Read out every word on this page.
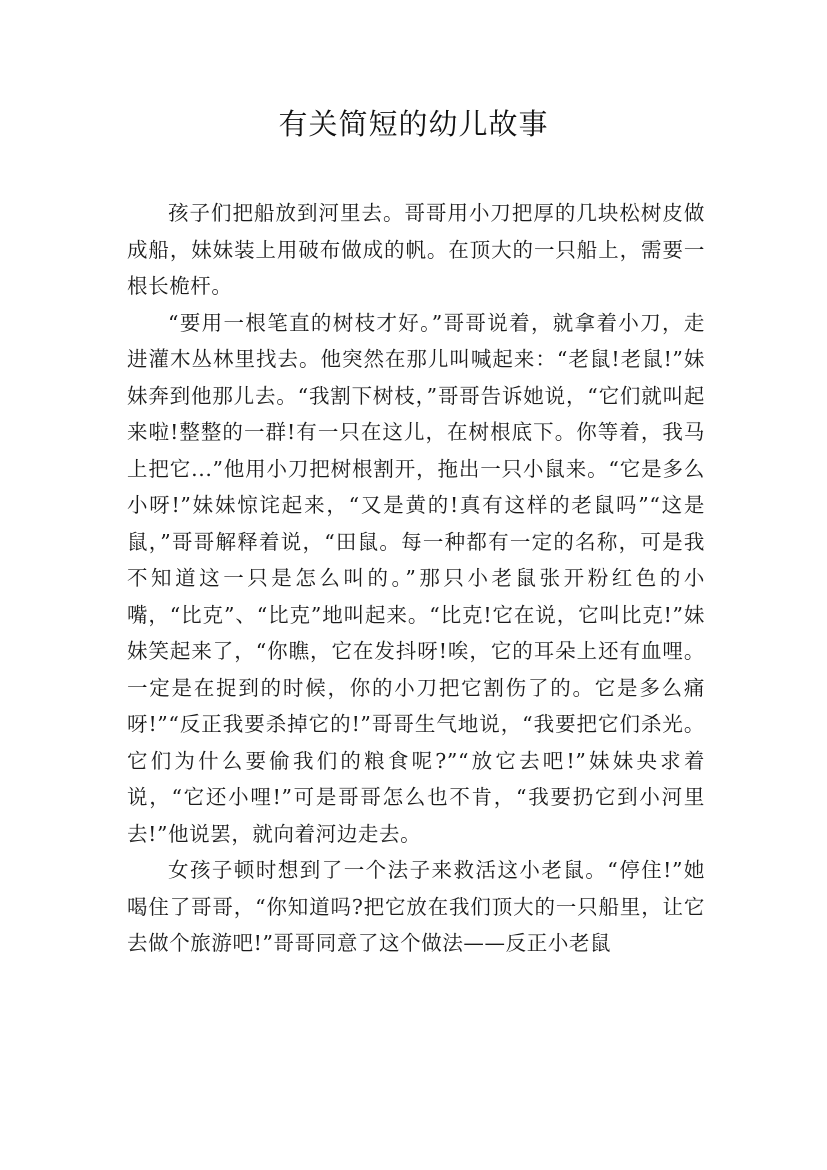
有关简短的幼儿故事

孩子们把船放到河里去。哥哥用小刀把厚的几块松树皮做成船，妹妹装上用破布做成的帆。在顶大的一只船上，需要一根长桅杆。

“要用一根笔直的树枝才好。”哥哥说着，就拿着小刀，走进灌木丛林里找去。他突然在那儿叫喊起来：“老鼠!老鼠!”妹妹奔到他那儿去。“我割下树枝，”哥哥告诉她说，“它们就叫起来啦!整整的一群!有一只在这儿，在树根底下。你等着，我马上把它...”他用小刀把树根割开，拖出一只小鼠来。“它是多么小呀!”妹妹惊诧起来，“又是黄的!真有这样的老鼠吗”“这是鼠，”哥哥解释着说，“田鼠。每一种都有一定的名称，可是我不知道这一只是怎么叫的。”那只小老鼠张开粉红色的小嘴，“比克”、“比克”地叫起来。“比克!它在说，它叫比克!”妹妹笑起来了，“你瞧，它在发抖呀!唉，它的耳朵上还有血哩。一定是在捉到的时候，你的小刀把它割伤了的。它是多么痛呀!”“反正我要杀掉它的!”哥哥生气地说，“我要把它们杀光。它们为什么要偷我们的粮食呢?”“放它去吧!”妹妹央求着说，“它还小哩!”可是哥哥怎么也不肯，“我要扔它到小河里去!”他说罢，就向着河边走去。

女孩子顿时想到了一个法子来救活这小老鼠。“停住!”她喝住了哥哥，“你知道吗?把它放在我们顶大的一只船里，让它去做个旅游吧!”哥哥同意了这个做法——反正小老鼠
